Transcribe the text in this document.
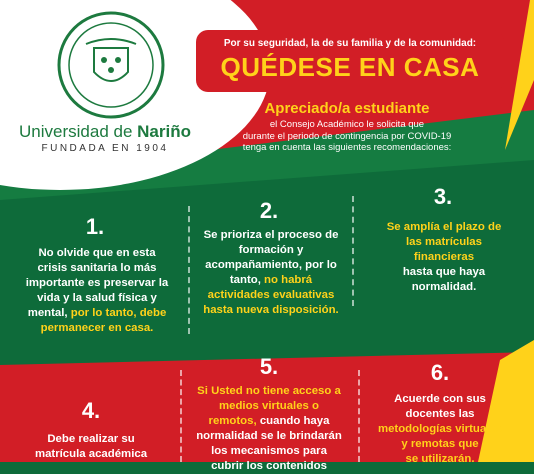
Universidad de Nariño
FUNDADA EN 1904
Por su seguridad, la de su familia y de la comunidad:
QUÉDESE EN CASA
Apreciado/a estudiante
el Consejo Académico le solicita que
durante el periodo de contingencia por COVID-19
tenga en cuenta las siguientes recomendaciones:
1.
No olvide que en esta
crisis sanitaria lo más
importante es preservar la
vida y la salud física y
mental, por lo tanto, debe
permanecer en casa.
2.
Se prioriza el proceso de
formación y
acompañamiento, por lo
tanto, no habrá
actividades evaluativas
hasta nueva disposición.
3.
Se amplía el plazo de
las matrículas
financieras
hasta que haya
normalidad.
4.
Debe realizar su
matrícula académica
5.
Si Usted no tiene acceso a
medios virtuales o
remotos, cuando haya
normalidad se le brindarán
los mecanismos para
cubrir los contenidos
6.
Acuerde con sus
docentes las
metodologías virtuales
y remotas que
se utilizarán.
